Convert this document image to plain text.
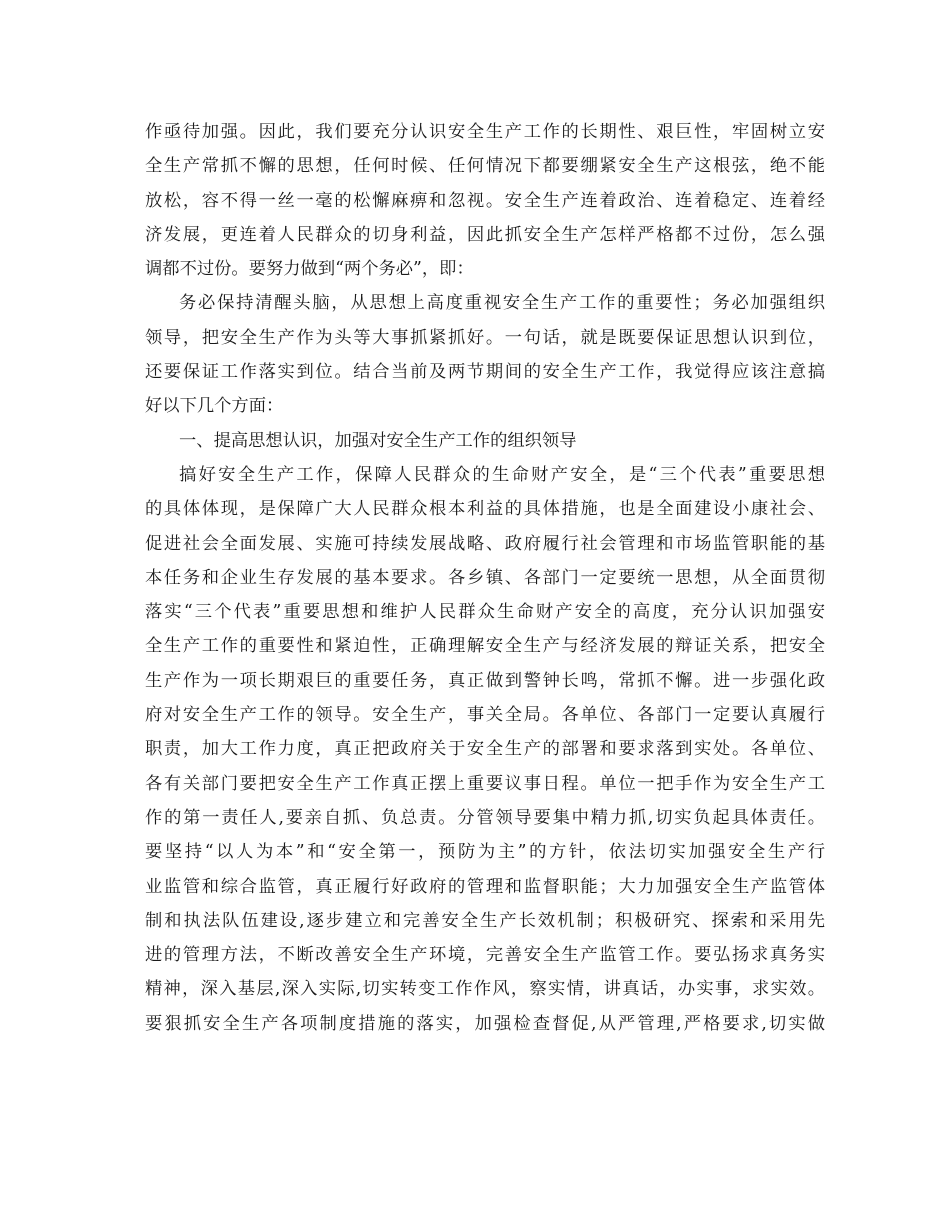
作亟待加强。因此，我们要充分认识安全生产工作的长期性、艰巨性，牢固树立安
全生产常抓不懈的思想，任何时候、任何情况下都要绷紧安全生产这根弦，绝不能
放松，容不得一丝一毫的松懈麻痹和忽视。安全生产连着政治、连着稳定、连着经
济发展，更连着人民群众的切身利益，因此抓安全生产怎样严格都不过份，怎么强
调都不过份。要努力做到“两个务必”，即：
务必保持清醒头脑，从思想上高度重视安全生产工作的重要性；务必加强组织
领导，把安全生产作为头等大事抓紧抓好。一句话，就是既要保证思想认识到位，
还要保证工作落实到位。结合当前及两节期间的安全生产工作，我觉得应该注意搞
好以下几个方面：
一、提高思想认识，加强对安全生产工作的组织领导
搞好安全生产工作，保障人民群众的生命财产安全，是“三个代表”重要思想
的具体体现，是保障广大人民群众根本利益的具体措施，也是全面建设小康社会、
促进社会全面发展、实施可持续发展战略、政府履行社会管理和市场监管职能的基
本任务和企业生存发展的基本要求。各乡镇、各部门一定要统一思想，从全面贯彻
落实“三个代表”重要思想和维护人民群众生命财产安全的高度，充分认识加强安
全生产工作的重要性和紧迫性，正确理解安全生产与经济发展的辩证关系，把安全
生产作为一项长期艰巨的重要任务，真正做到警钟长鸣，常抓不懈。进一步强化政
府对安全生产工作的领导。安全生产，事关全局。各单位、各部门一定要认真履行
职责，加大工作力度，真正把政府关于安全生产的部署和要求落到实处。各单位、
各有关部门要把安全生产工作真正摆上重要议事日程。单位一把手作为安全生产工
作的第一责任人,要亲自抓、负总责。分管领导要集中精力抓,切实负起具体责任。
要坚持“以人为本”和“安全第一，预防为主”的方针，依法切实加强安全生产行
业监管和综合监管，真正履行好政府的管理和监督职能；大力加强安全生产监管体
制和执法队伍建设,逐步建立和完善安全生产长效机制；积极研究、探索和采用先
进的管理方法，不断改善安全生产环境，完善安全生产监管工作。要弘扬求真务实
精神，深入基层,深入实际,切实转变工作作风，察实情，讲真话，办实事，求实效。
要狠抓安全生产各项制度措施的落实，加强检查督促,从严管理,严格要求,切实做
